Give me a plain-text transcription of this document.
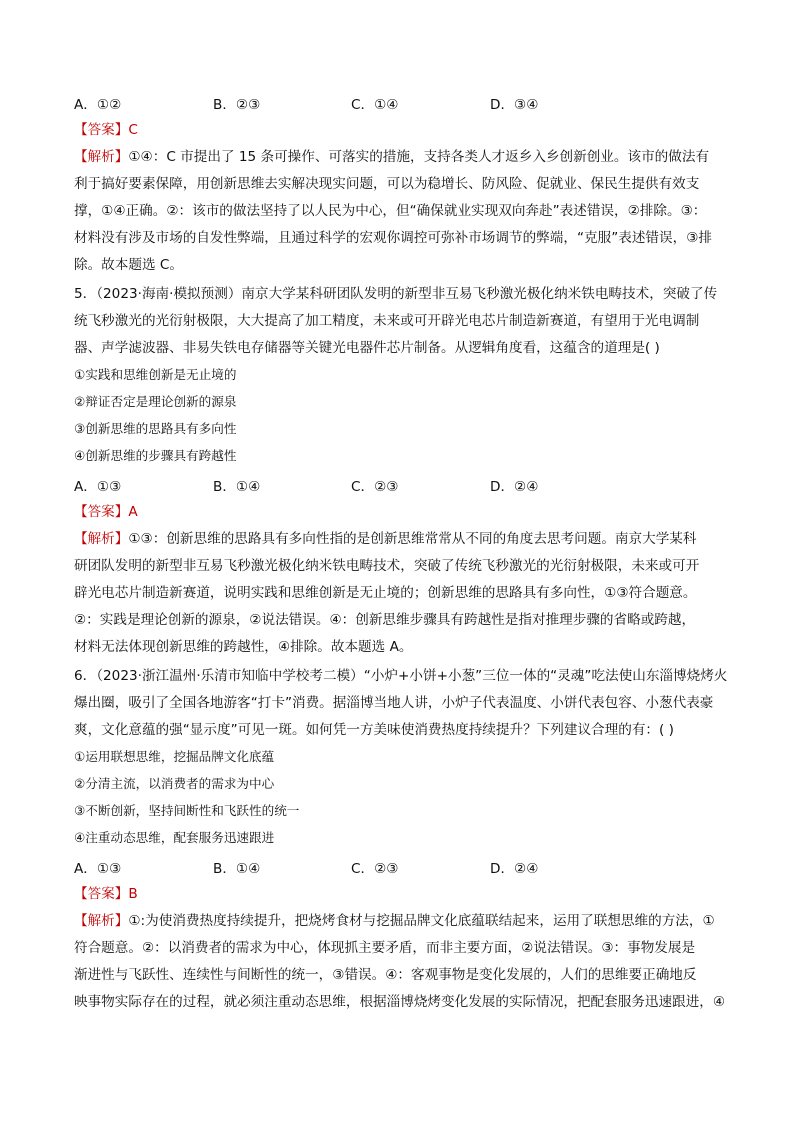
A．①②	B．②③	C．①④	D．③④
【答案】C
【解析】①④：C 市提出了 15 条可操作、可落实的措施，支持各类人才返乡入乡创新创业。该市的做法有
利于搞好要素保障，用创新思维去实解决现实问题，可以为稳增长、防风险、促就业、保民生提供有效支
撑，①④正确。②：该市的做法坚持了以人民为中心，但“确保就业实现双向奔赴”表述错误，②排除。③：
材料没有涉及市场的自发性弊端，且通过科学的宏观你调控可弥补市场调节的弊端，“克服”表述错误，③排
除。故本题选 C。
5．（2023·海南·模拟预测）南京大学某科研团队发明的新型非互易飞秒激光极化纳米铁电畴技术，突破了传
统飞秒激光的光衍射极限，大大提高了加工精度，未来或可开辟光电芯片制造新赛道，有望用于光电调制
器、声学滤波器、非易失铁电存储器等关键光电器件芯片制备。从逻辑角度看，这蕴含的道理是( )
①实践和思维创新是无止境的
②辩证否定是理论创新的源泉
③创新思维的思路具有多向性
④创新思维的步骤具有跨越性
A．①③	B．①④	C．②③	D．②④
【答案】A
【解析】①③：创新思维的思路具有多向性指的是创新思维常常从不同的角度去思考问题。南京大学某科
研团队发明的新型非互易飞秒激光极化纳米铁电畴技术，突破了传统飞秒激光的光衍射极限，未来或可开
辟光电芯片制造新赛道，说明实践和思维创新是无止境的；创新思维的思路具有多向性，①③符合题意。
②：实践是理论创新的源泉，②说法错误。④：创新思维步骤具有跨越性是指对推理步骤的省略或跨越，
材料无法体现创新思维的跨越性，④排除。故本题选 A。
6．（2023·浙江温州·乐清市知临中学校考二模）“小炉+小饼+小葱”三位一体的“灵魂”吃法使山东淄博烧烤火
爆出圈，吸引了全国各地游客“打卡”消费。据淄博当地人讲，小炉子代表温度、小饼代表包容、小葱代表豪
爽，文化意蕴的强“显示度”可见一斑。如何凭一方美味使消费热度持续提升？下列建议合理的有：( )
①运用联想思维，挖掘品牌文化底蕴
②分清主流，以消费者的需求为中心
③不断创新，坚持间断性和飞跃性的统一
④注重动态思维，配套服务迅速跟进
A．①③	B．①④	C．②③	D．②④
【答案】B
【解析】①:为使消费热度持续提升，把烧烤食材与挖掘品牌文化底蕴联结起来，运用了联想思维的方法，①
符合题意。②：以消费者的需求为中心，体现抓主要矛盾，而非主要方面，②说法错误。③：事物发展是
渐进性与飞跃性、连续性与间断性的统一，③错误。④：客观事物是变化发展的，人们的思维要正确地反
映事物实际存在的过程，就必须注重动态思维，根据淄博烧烤变化发展的实际情况，把配套服务迅速跟进，④
